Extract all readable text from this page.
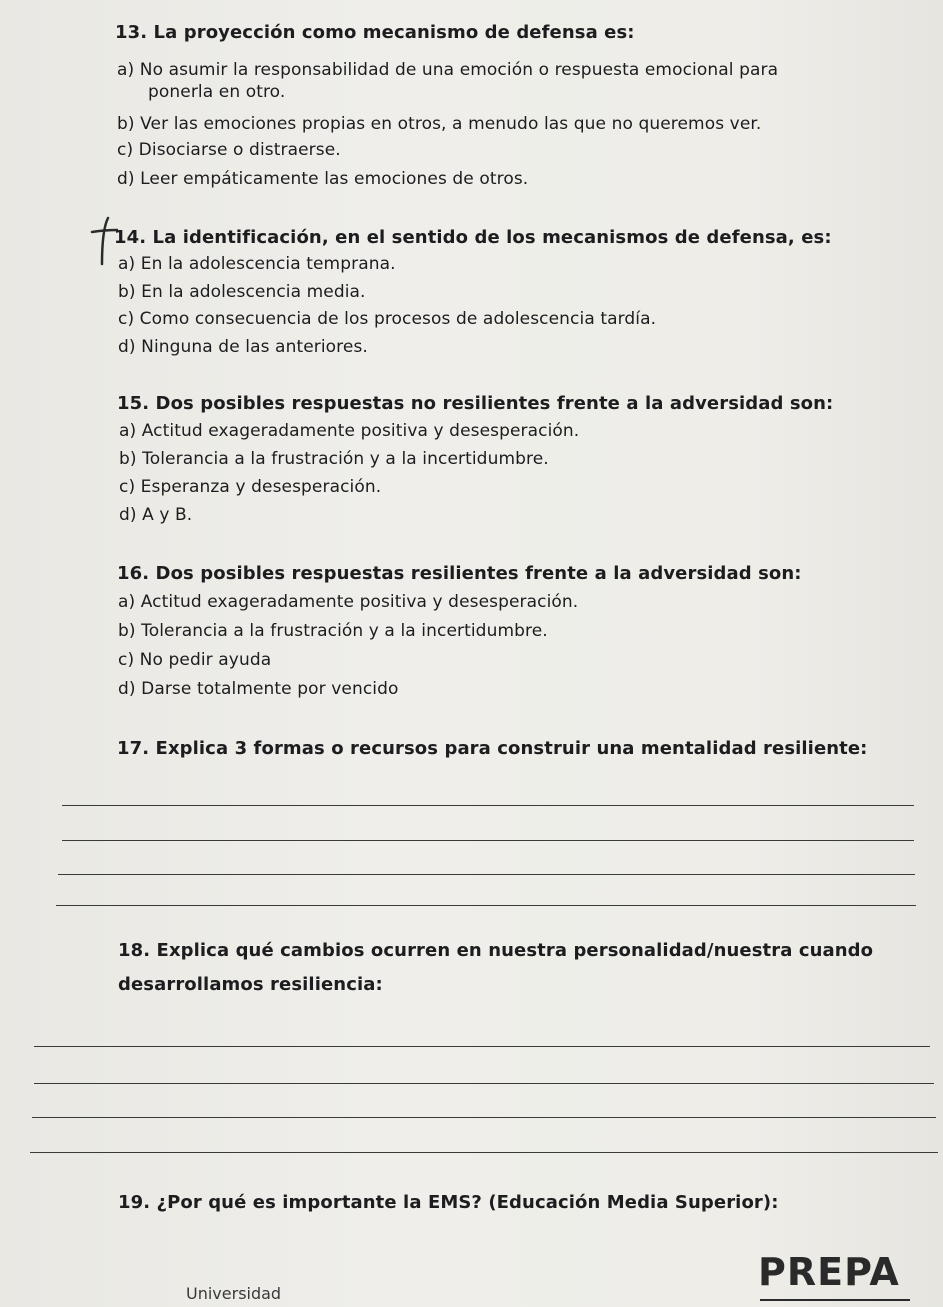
13. La proyección como mecanismo de defensa es:
a) No asumir la responsabilidad de una emoción o respuesta emocional para
ponerla en otro.
b) Ver las emociones propias en otros, a menudo las que no queremos ver.
c) Disociarse o distraerse.
d) Leer empáticamente las emociones de otros.
14. La identificación, en el sentido de los mecanismos de defensa, es:
a) En la adolescencia temprana.
b) En la adolescencia media.
c) Como consecuencia de los procesos de adolescencia tardía.
d) Ninguna de las anteriores.
15. Dos posibles respuestas no resilientes frente a la adversidad son:
a) Actitud exageradamente positiva y desesperación.
b) Tolerancia a la frustración y a la incertidumbre.
c) Esperanza y desesperación.
d) A y B.
16. Dos posibles respuestas resilientes frente a la adversidad son:
a) Actitud exageradamente positiva y desesperación.
b) Tolerancia a la frustración y a la incertidumbre.
c) No pedir ayuda
d) Darse totalmente por vencido
17. Explica 3 formas o recursos para construir una mentalidad resiliente:
18. Explica qué cambios ocurren en nuestra personalidad/nuestra cuando
desarrollamos resiliencia:
19. ¿Por qué es importante la EMS? (Educación Media Superior):
Universidad	PREPA
